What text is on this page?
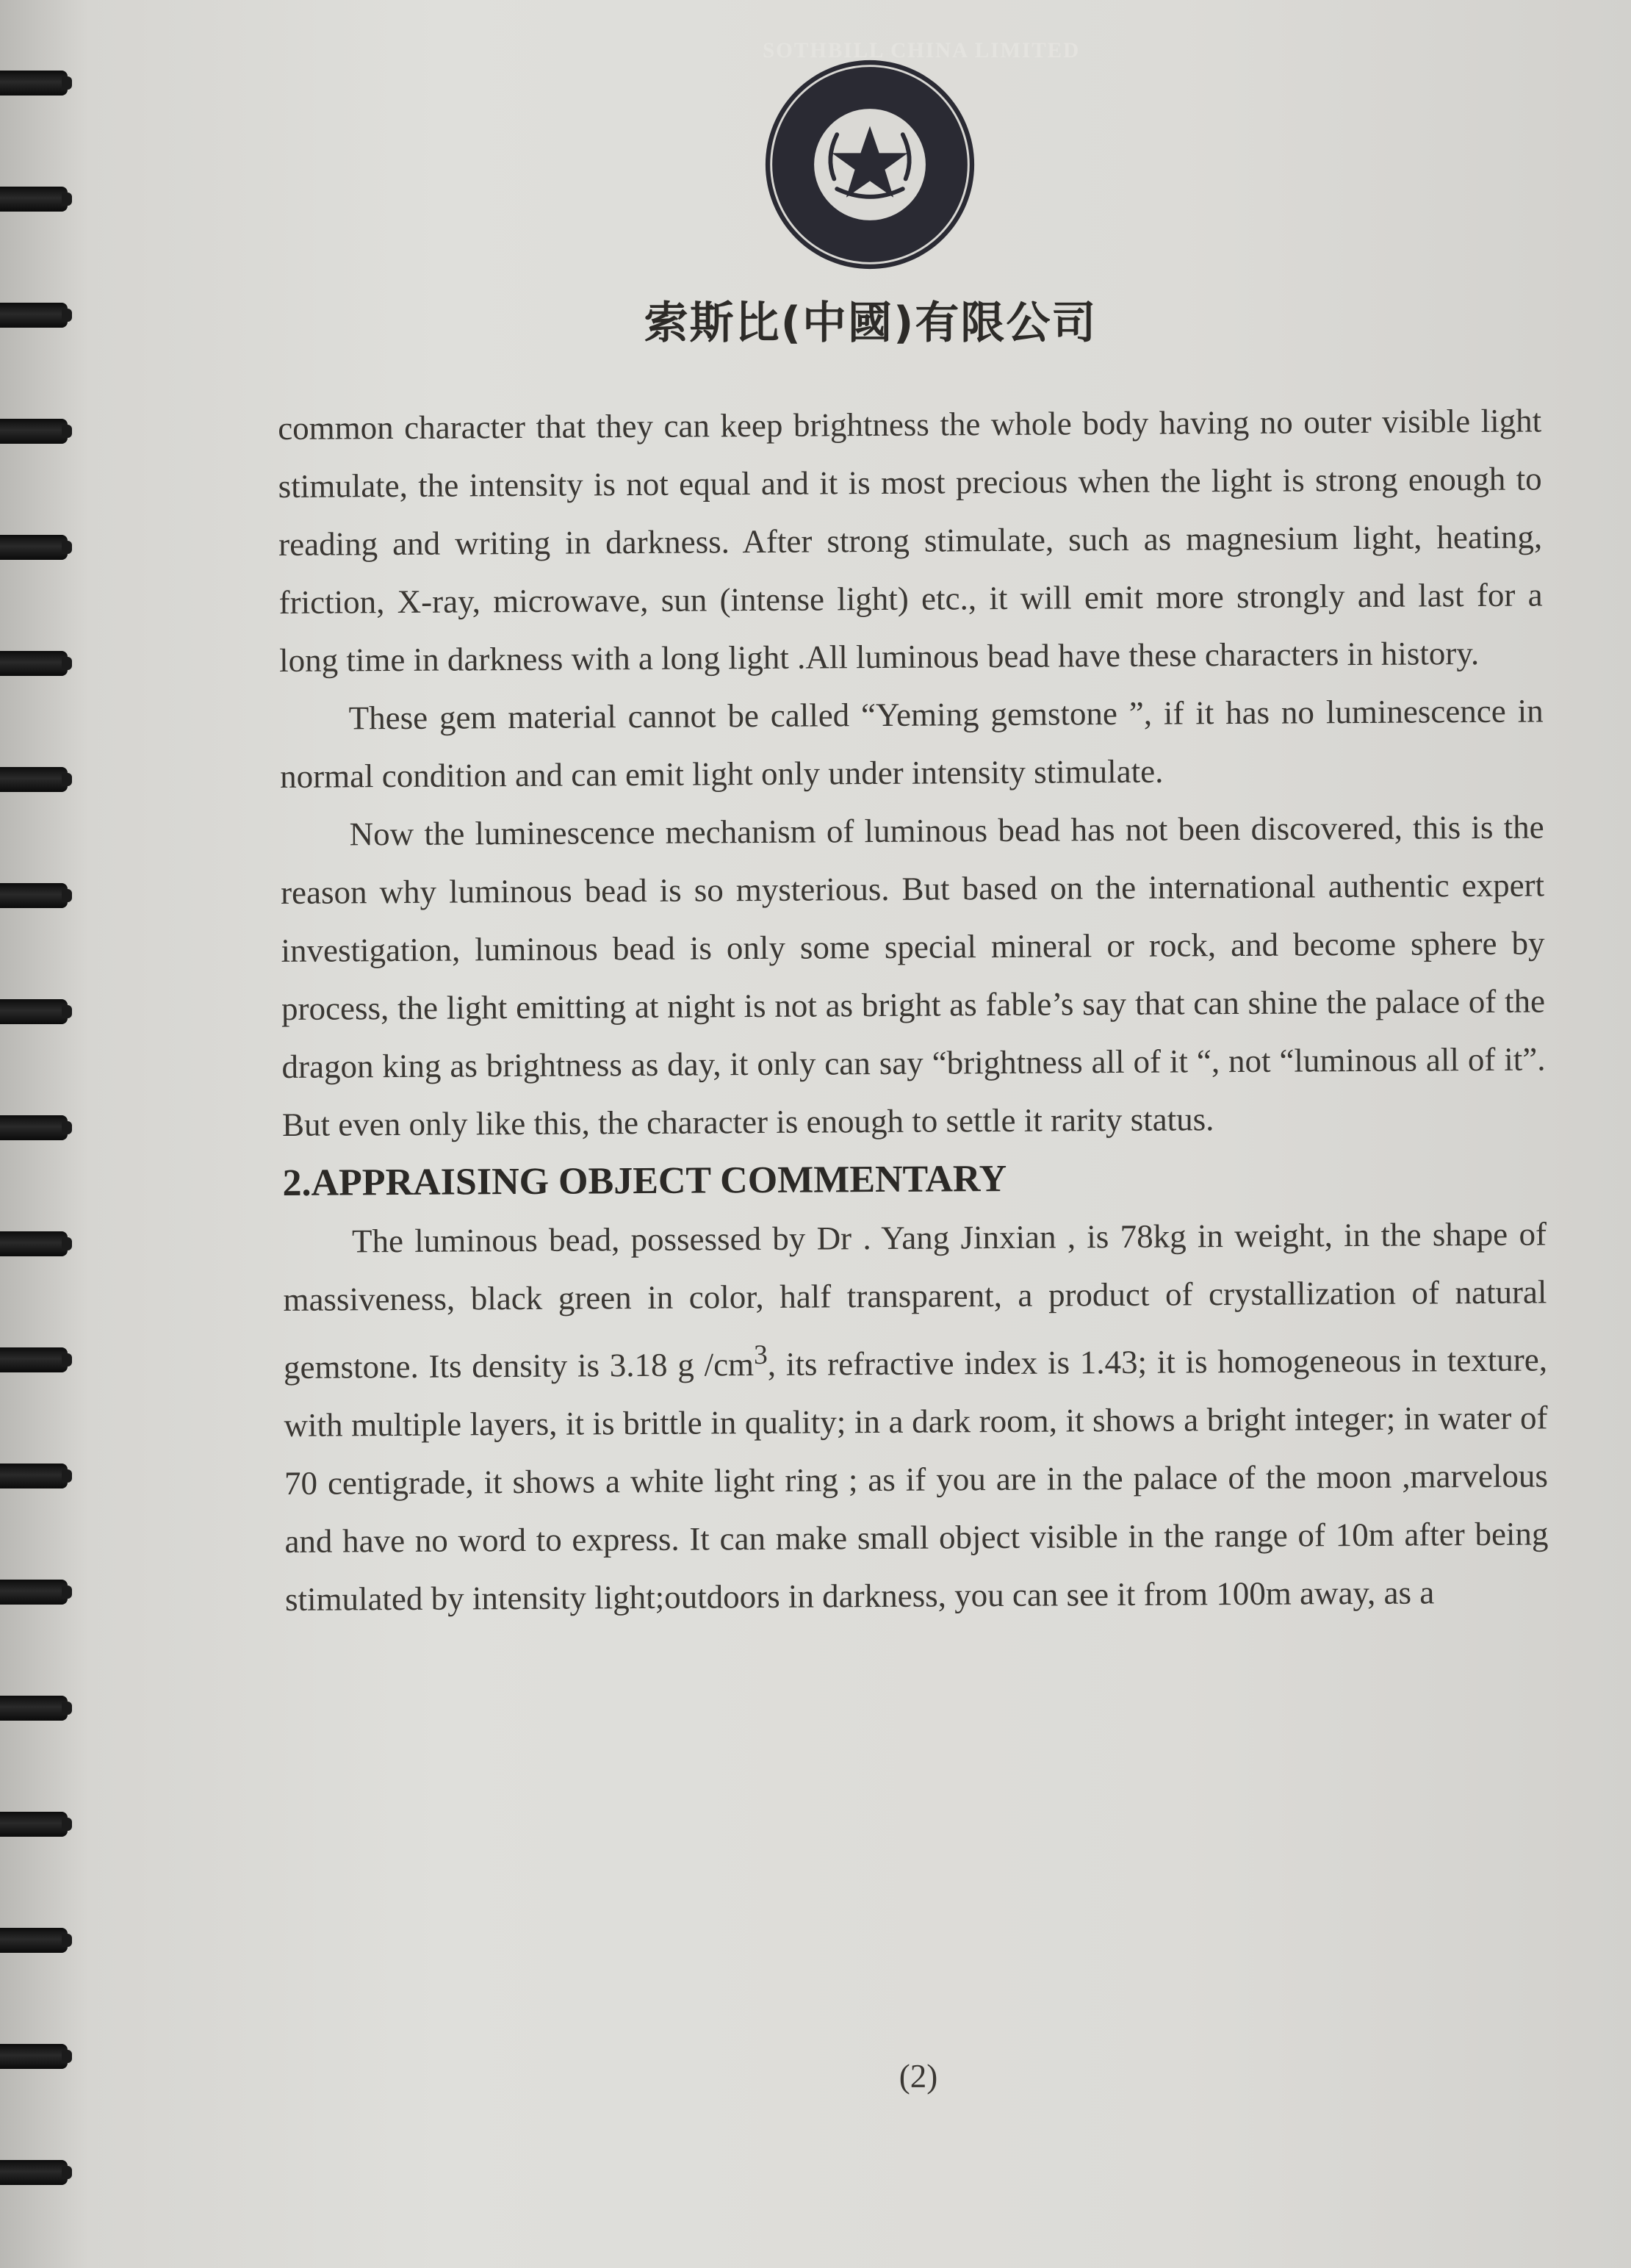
SOTHBILL CHINA LIMITED
索斯比(中國)有限公司

common character that they can keep brightness the whole body having no outer visible light stimulate, the intensity is not equal and it is most precious when the light is strong enough to reading and writing in darkness. After strong stimulate, such as magnesium light, heating, friction, X-ray, microwave, sun (intense light) etc., it will emit more strongly and last for a long time in darkness with a long light .All luminous bead have these characters in history.

These gem material cannot be called “Yeming gemstone ”, if it has no luminescence in normal condition and can emit light only under intensity stimulate.

Now the luminescence mechanism of luminous bead has not been discovered, this is the reason why luminous bead is so mysterious. But based on the international authentic expert investigation, luminous bead is only some special mineral or rock, and become sphere by process, the light emitting at night is not as bright as fable’s say that can shine the palace of the dragon king as brightness as day, it only can say “brightness all of it “, not “luminous all of it”. But even only like this, the character is enough to settle it rarity status.

2.APPRAISING OBJECT COMMENTARY

The luminous bead, possessed by Dr . Yang Jinxian , is 78kg in weight, in the shape of massiveness, black green in color, half transparent, a product of crystallization of natural gemstone. Its density is 3.18 g $/cm^3$, its refractive index is 1.43; it is homogeneous in texture, with multiple layers, it is brittle in quality; in a dark room, it shows a bright integer; in water of 70 centigrade, it shows a white light ring ; as if you are in the palace of the moon ,marvelous and have no word to express. It can make small object visible in the range of 10m after being stimulated by intensity light;outdoors in darkness, you can see it from 100m away, as a

(2)
